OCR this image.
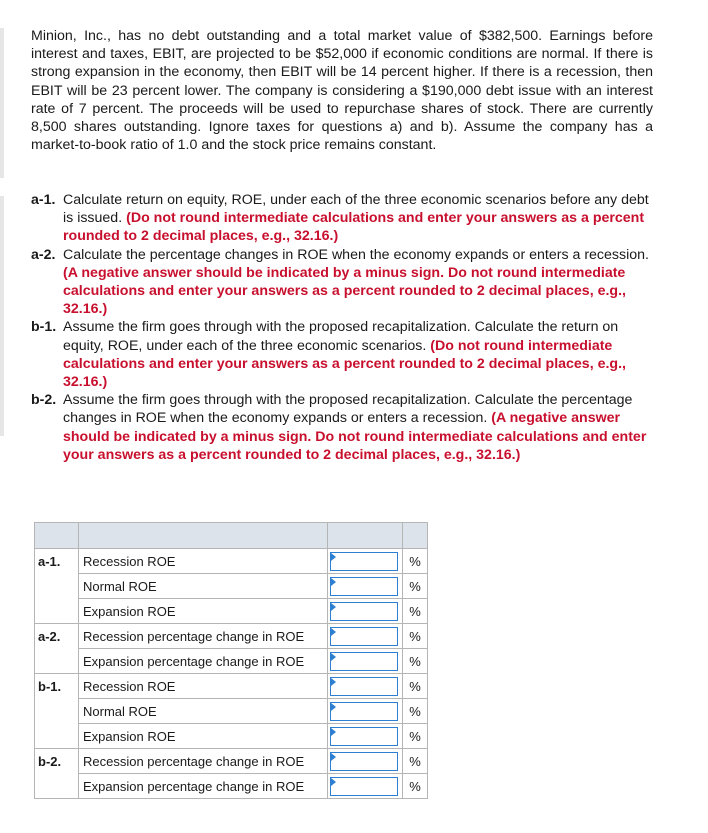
Minion, Inc., has no debt outstanding and a total market value of $382,500. Earnings before interest and taxes, EBIT, are projected to be $52,000 if economic conditions are normal. If there is strong expansion in the economy, then EBIT will be 14 percent higher. If there is a recession, then EBIT will be 23 percent lower. The company is considering a $190,000 debt issue with an interest rate of 7 percent. The proceeds will be used to repurchase shares of stock. There are currently 8,500 shares outstanding. Ignore taxes for questions a) and b). Assume the company has a market-to-book ratio of 1.0 and the stock price remains constant.

a-1. Calculate return on equity, ROE, under each of the three economic scenarios before any debt is issued. (Do not round intermediate calculations and enter your answers as a percent rounded to 2 decimal places, e.g., 32.16.)
a-2. Calculate the percentage changes in ROE when the economy expands or enters a recession. (A negative answer should be indicated by a minus sign. Do not round intermediate calculations and enter your answers as a percent rounded to 2 decimal places, e.g., 32.16.)
b-1. Assume the firm goes through with the proposed recapitalization. Calculate the return on equity, ROE, under each of the three economic scenarios. (Do not round intermediate calculations and enter your answers as a percent rounded to 2 decimal places, e.g., 32.16.)
b-2. Assume the firm goes through with the proposed recapitalization. Calculate the percentage changes in ROE when the economy expands or enters a recession. (A negative answer should be indicated by a minus sign. Do not round intermediate calculations and enter your answers as a percent rounded to 2 decimal places, e.g., 32.16.)

a-1.	Recession ROE		%
	Normal ROE		%
	Expansion ROE		%
a-2.	Recession percentage change in ROE		%
	Expansion percentage change in ROE		%
b-1.	Recession ROE		%
	Normal ROE		%
	Expansion ROE		%
b-2.	Recession percentage change in ROE		%
	Expansion percentage change in ROE		%
